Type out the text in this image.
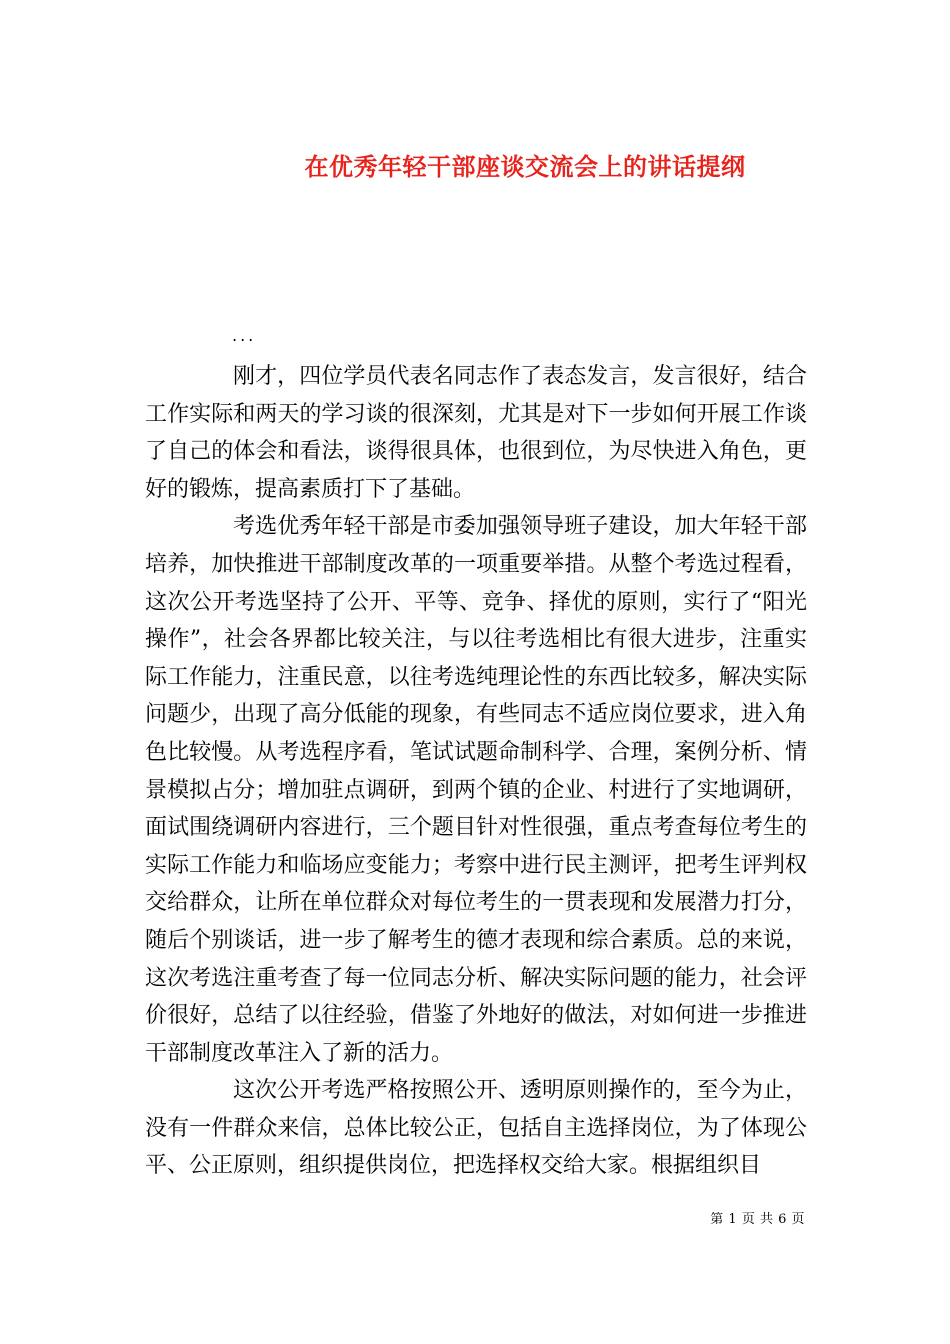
在优秀年轻干部座谈交流会上的讲话提纲
...

刚才，四位学员代表名同志作了表态发言，发言很好，结合工作实际和两天的学习谈的很深刻，尤其是对下一步如何开展工作谈了自己的体会和看法，谈得很具体，也很到位，为尽快进入角色，更好的锻炼，提高素质打下了基础。

考选优秀年轻干部是市委加强领导班子建设，加大年轻干部培养，加快推进干部制度改革的一项重要举措。从整个考选过程看，这次公开考选坚持了公开、平等、竞争、择优的原则，实行了“阳光操作”，社会各界都比较关注，与以往考选相比有很大进步，注重实际工作能力，注重民意，以往考选纯理论性的东西比较多，解决实际问题少，出现了高分低能的现象，有些同志不适应岗位要求，进入角色比较慢。从考选程序看，笔试试题命制科学、合理，案例分析、情景模拟占分；增加驻点调研，到两个镇的企业、村进行了实地调研，面试围绕调研内容进行，三个题目针对性很强，重点考查每位考生的实际工作能力和临场应变能力；考察中进行民主测评，把考生评判权交给群众，让所在单位群众对每位考生的一贯表现和发展潜力打分，随后个别谈话，进一步了解考生的德才表现和综合素质。总的来说，这次考选注重考查了每一位同志分析、解决实际问题的能力，社会评价很好，总结了以往经验，借鉴了外地好的做法，对如何进一步推进干部制度改革注入了新的活力。

这次公开考选严格按照公开、透明原则操作的，至今为止，没有一件群众来信，总体比较公正，包括自主选择岗位，为了体现公平、公正原则，组织提供岗位，把选择权交给大家。根据组织目

第 1 页 共 6 页
